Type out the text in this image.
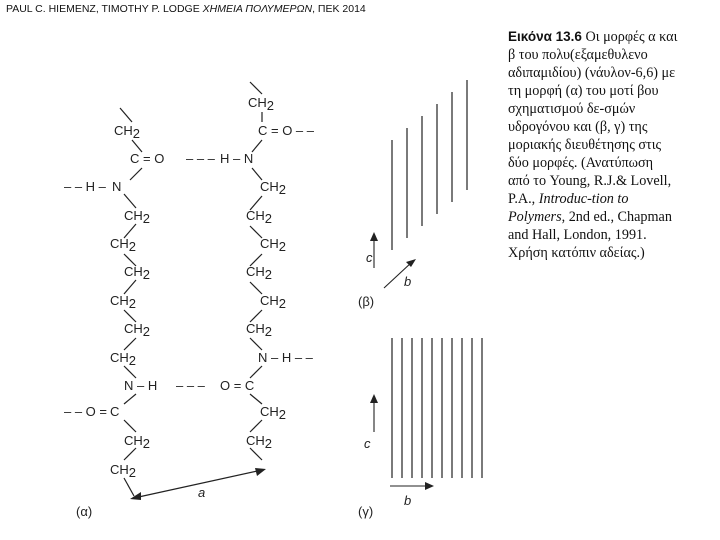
PAUL C. HIEMENZ, TIMOTHY P. LODGE ΧΗΜΕΙΑ ΠΟΛΥΜΕΡΩΝ, ΠΕΚ 2014
CH2
C = O – – –
– – H – N
CH2
CH2
CH2
CH2
CH2
CH2
N – H – – –
– – O = C
CH2
CH2
CH2
C = O – –
H – N
CH2
CH2
CH2
CH2
CH2
CH2
N – H – –
O = C
CH2
CH2
a
(α)
c
b
(β)
c
b
(γ)
Εικόνα 13.6 Οι μορφές α και β του πολυ(εξαμεθυλενο αδιπαμιδίου) (νάυλον-6,6) με τη μορφή (α) του μοτί βου σχηματισμού δε-σμών υδρογόνου και (β, γ) της μοριακής διευθέτησης στις δύο μορφές. (Ανατύπωση από το Young, R.J.& Lovell, P.A., Introduc-tion to Polymers, 2nd ed., Chapman and Hall, London, 1991. Χρήση κατόπιν αδείας.)
